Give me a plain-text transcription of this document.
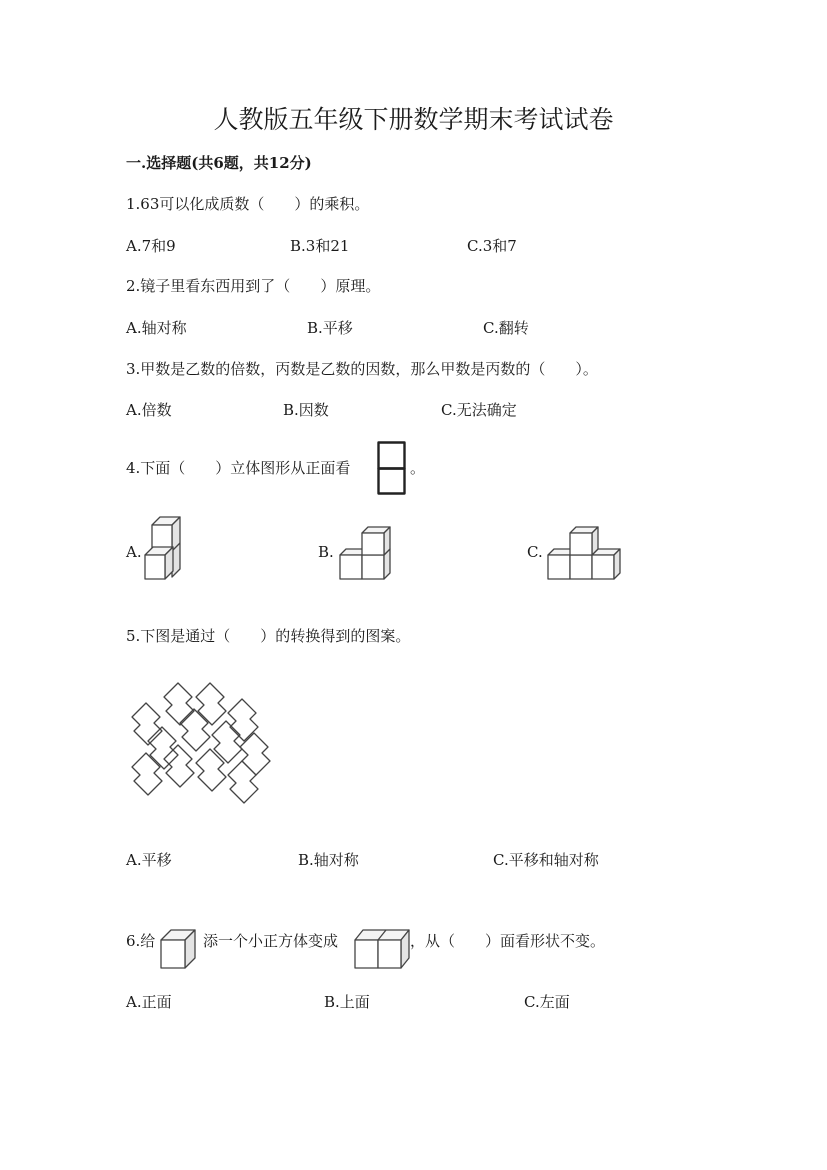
人教版五年级下册数学期末考试试卷
一.选择题(共6题，共12分)
1.63可以化成质数（　　）的乘积。
A.7和9	B.3和21	C.3和7
2.镜子里看东西用到了（　　）原理。
A.轴对称	B.平移	C.翻转
3.甲数是乙数的倍数，丙数是乙数的因数，那么甲数是丙数的（　　）。
A.倍数	B.因数	C.无法确定
4.下面（　　）立体图形从正面看	。
A.	B.	C.
5.下图是通过（　　）的转换得到的图案。
A.平移	B.轴对称	C.平移和轴对称
6.给	添一个小正方体变成	，从（　　）面看形状不变。
A.正面	B.上面	C.左面
